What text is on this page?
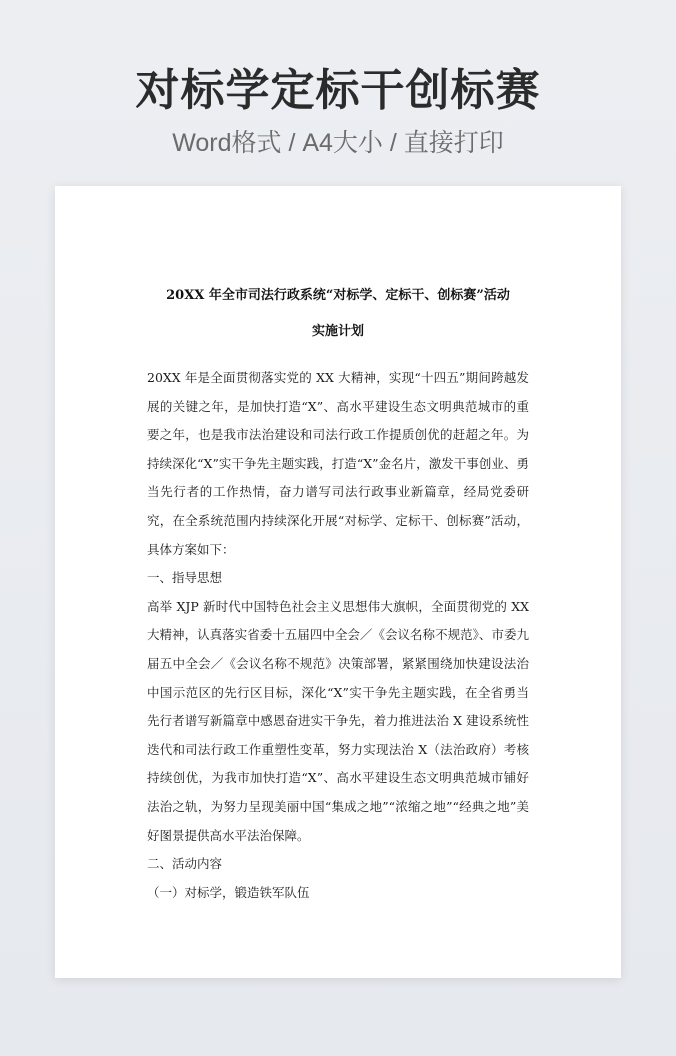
对标学定标干创标赛
Word格式 / A4大小 / 直接打印

20XX 年全市司法行政系统“对标学、定标干、创标赛”活动

实施计划

20XX 年是全面贯彻落实党的 XX 大精神，实现“十四五”期间跨越发展的关键之年，是加快打造“X”、高水平建设生态文明典范城市的重要之年，也是我市法治建设和司法行政工作提质创优的赶超之年。为持续深化“X”实干争先主题实践，打造“X”金名片，激发干事创业、勇当先行者的工作热情，奋力谱写司法行政事业新篇章，经局党委研究，在全系统范围内持续深化开展“对标学、定标干、创标赛”活动，具体方案如下：

一、指导思想

高举 XJP 新时代中国特色社会主义思想伟大旗帜，全面贯彻党的 XX 大精神，认真落实省委十五届四中全会／《会议名称不规范》、市委九届五中全会／《会议名称不规范》决策部署，紧紧围绕加快建设法治中国示范区的先行区目标，深化“X”实干争先主题实践，在全省勇当先行者谱写新篇章中感恩奋进实干争先，着力推进法治 X 建设系统性迭代和司法行政工作重塑性变革，努力实现法治 X（法治政府）考核持续创优，为我市加快打造“X”、高水平建设生态文明典范城市铺好法治之轨，为努力呈现美丽中国“集成之地”“浓缩之地”“经典之地”美好图景提供高水平法治保障。

二、活动内容

（一）对标学，锻造铁军队伍
